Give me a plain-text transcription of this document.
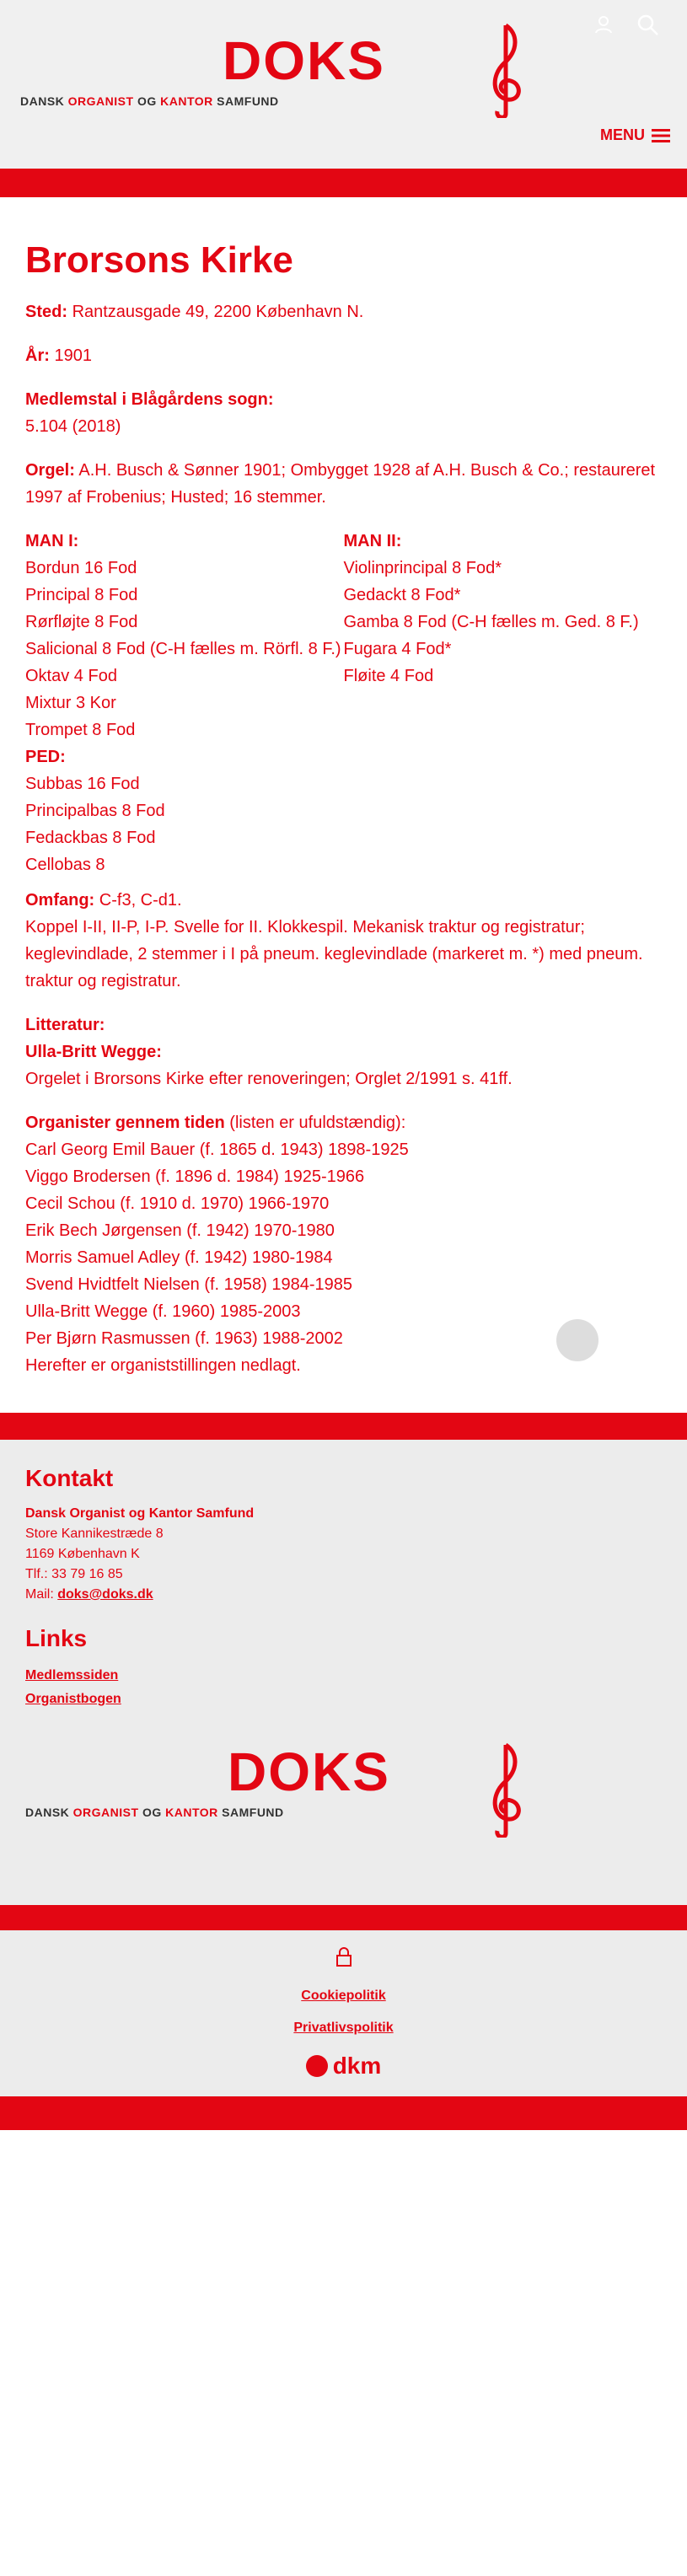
DOKS
DANSK ORGANIST OG KANTOR SAMFUND
MENU
Brorsons Kirke

Sted: Rantzausgade 49, 2200 København N.

År: 1901

Medlemstal i Blågårdens sogn:
5.104 (2018)

Orgel: A.H. Busch & Sønner 1901; Ombygget 1928 af A.H. Busch & Co.; restaureret 1997 af Frobenius; Husted; 16 stemmer.

MAN I:
Bordun 16 Fod
Principal 8 Fod
Rørfløjte 8 Fod
Salicional 8 Fod (C-H fælles m. Rörfl. 8 F.)
Oktav 4 Fod
Mixtur 3 Kor
Trompet 8 Fod
PED:
Subbas 16 Fod
Principalbas 8 Fod
Fedackbas 8 Fod
Cellobas 8
MAN II:
Violinprincipal 8 Fod*
Gedackt 8 Fod*
Gamba 8 Fod (C-H fælles m. Ged. 8 F.)
Fugara 4 Fod*
Fløite 4 Fod

Omfang: C-f3, C-d1.
Koppel I-II, II-P, I-P. Svelle for II. Klokkespil. Mekanisk traktur og registratur; keglevindlade, 2 stemmer i I på pneum. keglevindlade (markeret m. *) med pneum. traktur og registratur.

Litteratur:
Ulla-Britt Wegge:
Orgelet i Brorsons Kirke efter renoveringen; Orglet 2/1991 s. 41ff.

Organister gennem tiden (listen er ufuldstændig):
Carl Georg Emil Bauer (f. 1865 d. 1943) 1898-1925
Viggo Brodersen (f. 1896 d. 1984) 1925-1966
Cecil Schou (f. 1910 d. 1970) 1966-1970
Erik Bech Jørgensen (f. 1942) 1970-1980
Morris Samuel Adley (f. 1942) 1980-1984
Svend Hvidtfelt Nielsen (f. 1958) 1984-1985
Ulla-Britt Wegge (f. 1960) 1985-2003
Per Bjørn Rasmussen (f. 1963) 1988-2002
Herefter er organiststillingen nedlagt.

Kontakt
Dansk Organist og Kantor Samfund
Store Kannikestræde 8
1169 København K
Tlf.: 33 79 16 85
Mail: doks@doks.dk
Links
Medlemssiden
Organistbogen
DOKS
DANSK ORGANIST OG KANTOR SAMFUND
Cookiepolitik
Privatlivspolitik
dkm
